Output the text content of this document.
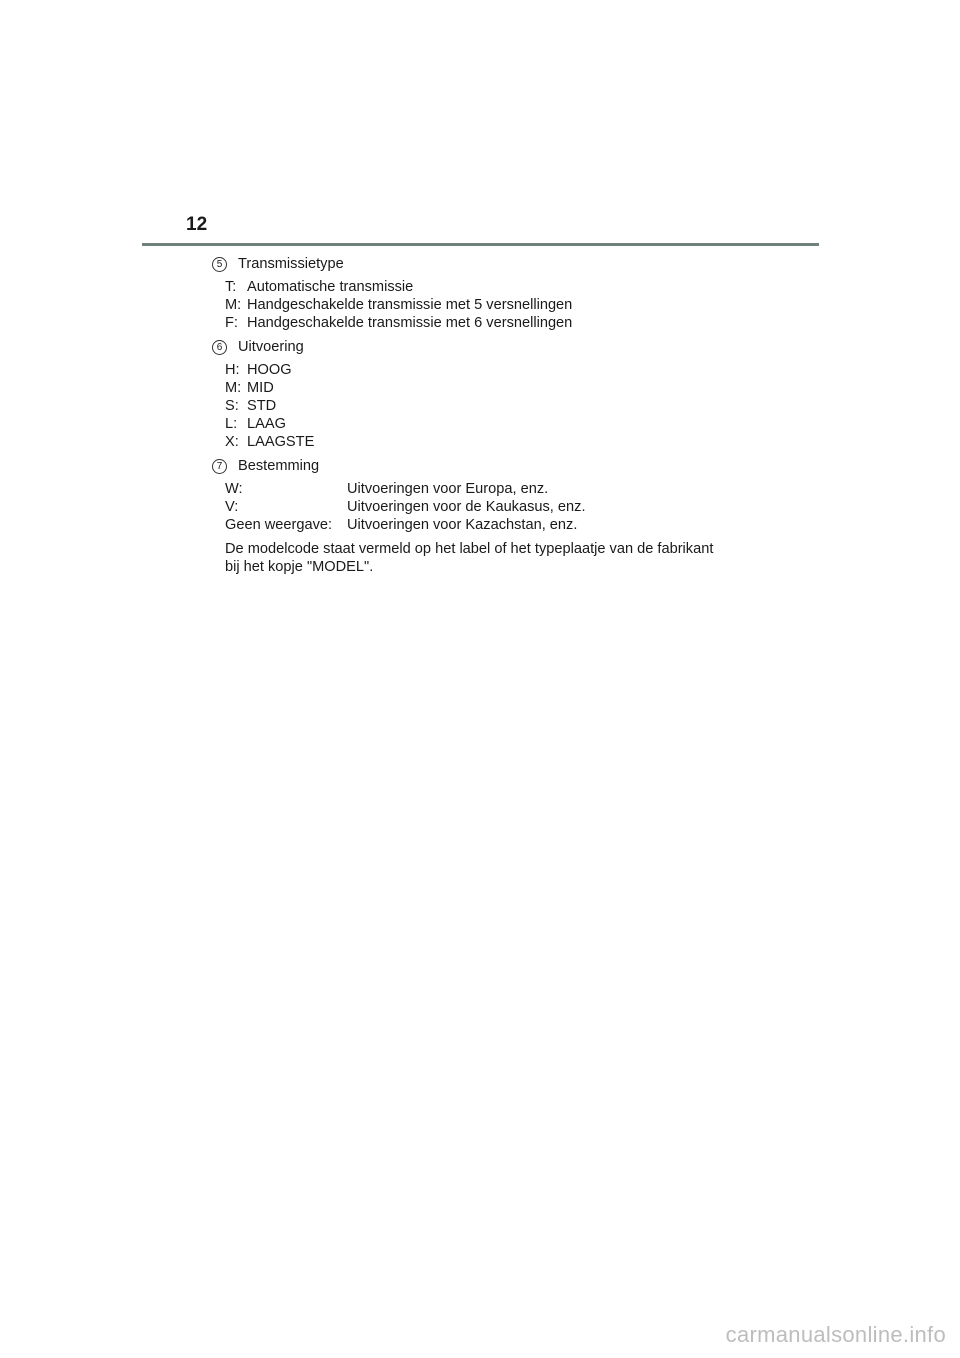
12
5	Transmissietype
T: Automatische transmissie
M: Handgeschakelde transmissie met 5 versnellingen
F: Handgeschakelde transmissie met 6 versnellingen
6	Uitvoering
H: HOOG
M: MID
S: STD
L: LAAG
X: LAAGSTE
7	Bestemming
W:	Uitvoeringen voor Europa, enz.
V:	Uitvoeringen voor de Kaukasus, enz.
Geen weergave:	Uitvoeringen voor Kazachstan, enz.
De modelcode staat vermeld op het label of het typeplaatje van de fabrikant
bij het kopje "MODEL".
carmanualsonline.info
